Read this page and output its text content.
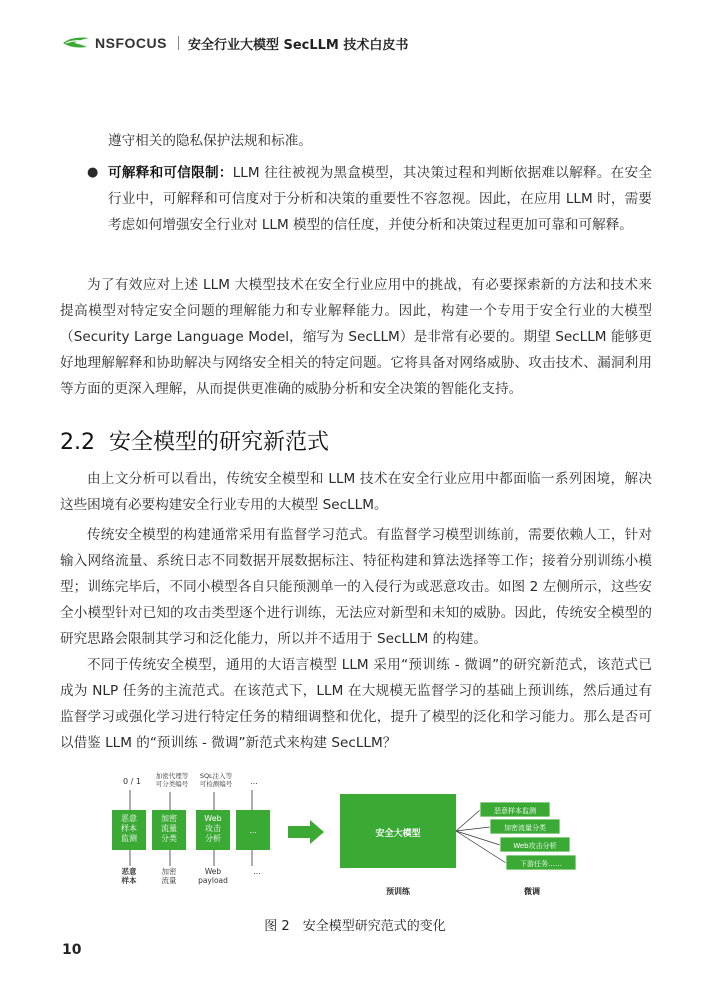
NSFOCUS 安全行业大模型 SecLLM 技术白皮书
遵守相关的隐私保护法规和标准。
● 可解释和可信限制：LLM 往往被视为黑盒模型，其决策过程和判断依据难以解释。在安全行业中，可解释和可信度对于分析和决策的重要性不容忽视。因此，在应用 LLM 时，需要考虑如何增强安全行业对 LLM 模型的信任度，并使分析和决策过程更加可靠和可解释。
为了有效应对上述 LLM 大模型技术在安全行业应用中的挑战，有必要探索新的方法和技术来提高模型对特定安全问题的理解能力和专业解释能力。因此，构建一个专用于安全行业的大模型（Security Large Language Model，缩写为 SecLLM）是非常有必要的。期望 SecLLM 能够更好地理解解释和协助解决与网络安全相关的特定问题。它将具备对网络威胁、攻击技术、漏洞利用等方面的更深入理解，从而提供更准确的威胁分析和安全决策的智能化支持。
2.2 安全模型的研究新范式
由上文分析可以看出，传统安全模型和 LLM 技术在安全行业应用中都面临一系列困境，解决这些困境有必要构建安全行业专用的大模型 SecLLM。
传统安全模型的构建通常采用有监督学习范式。有监督学习模型训练前，需要依赖人工，针对输入网络流量、系统日志不同数据开展数据标注、特征构建和算法选择等工作；接着分别训练小模型；训练完毕后，不同小模型各自只能预测单一的入侵行为或恶意攻击。如图 2 左侧所示，这些安全小模型针对已知的攻击类型逐个进行训练，无法应对新型和未知的威胁。因此，传统安全模型的研究思路会限制其学习和泛化能力，所以并不适用于 SecLLM 的构建。
不同于传统安全模型，通用的大语言模型 LLM 采用“预训练 - 微调”的研究新范式，该范式已成为 NLP 任务的主流范式。在该范式下，LLM 在大规模无监督学习的基础上预训练，然后通过有监督学习或强化学习进行特定任务的精细调整和优化，提升了模型的泛化和学习能力。那么是否可以借鉴 LLM 的“预训练 - 微调”新范式来构建 SecLLM？
0 / 1
加密代理等可分类编号
SQL注入等可检测编号 ...
恶意样本监测
加密流量分类
Web 攻击分析
...
恶意样本
加密流量
Web payload
...
安全大模型
恶意样本监测
加密流量分类
Web攻击分析
下游任务……
预训练	微调
图 2　安全模型研究范式的变化
10
